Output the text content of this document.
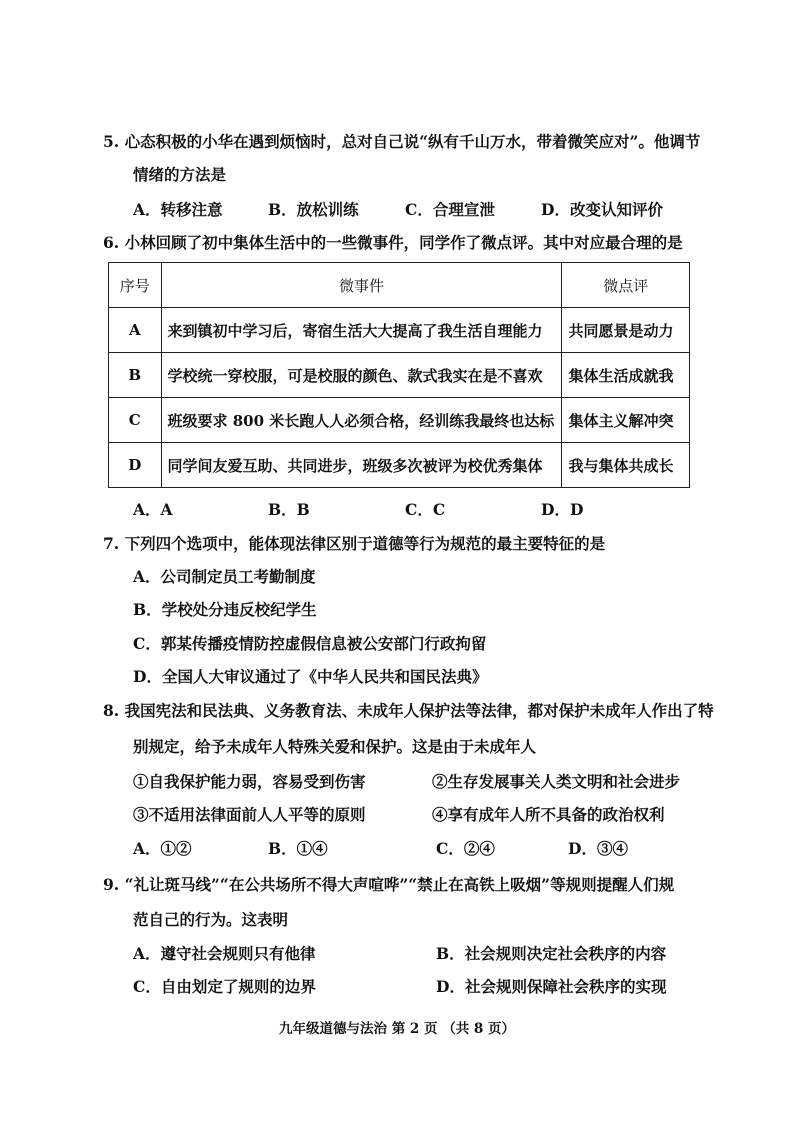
5. 心态积极的小华在遇到烦恼时，总对自己说“纵有千山万水，带着微笑应对”。他调节
情绪的方法是
A．转移注意	B．放松训练	C．合理宣泄	D．改变认知评价
6. 小林回顾了初中集体生活中的一些微事件，同学作了微点评。其中对应最合理的是
序号	微事件	微点评
A	来到镇初中学习后，寄宿生活大大提高了我生活自理能力	共同愿景是动力
B	学校统一穿校服，可是校服的颜色、款式我实在是不喜欢	集体生活成就我
C	班级要求 800 米长跑人人必须合格，经训练我最终也达标	集体主义解冲突
D	同学间友爱互助、共同进步，班级多次被评为校优秀集体	我与集体共成长
A．A	B．B	C．C	D．D
7. 下列四个选项中，能体现法律区别于道德等行为规范的最主要特征的是
A．公司制定员工考勤制度
B．学校处分违反校纪学生
C．郭某传播疫情防控虚假信息被公安部门行政拘留
D．全国人大审议通过了《中华人民共和国民法典》
8. 我国宪法和民法典、义务教育法、未成年人保护法等法律，都对保护未成年人作出了特
别规定，给予未成年人特殊关爱和保护。这是由于未成年人
①自我保护能力弱，容易受到伤害	②生存发展事关人类文明和社会进步
③不适用法律面前人人平等的原则	④享有成年人所不具备的政治权利
A．①②	B．①④	C．②④	D．③④
9. “礼让斑马线”“在公共场所不得大声喧哗”“禁止在高铁上吸烟”等规则提醒人们规
范自己的行为。这表明
A．遵守社会规则只有他律	B．社会规则决定社会秩序的内容
C．自由划定了规则的边界	D．社会规则保障社会秩序的实现
九年级道德与法治 第 2 页 （共 8 页）
